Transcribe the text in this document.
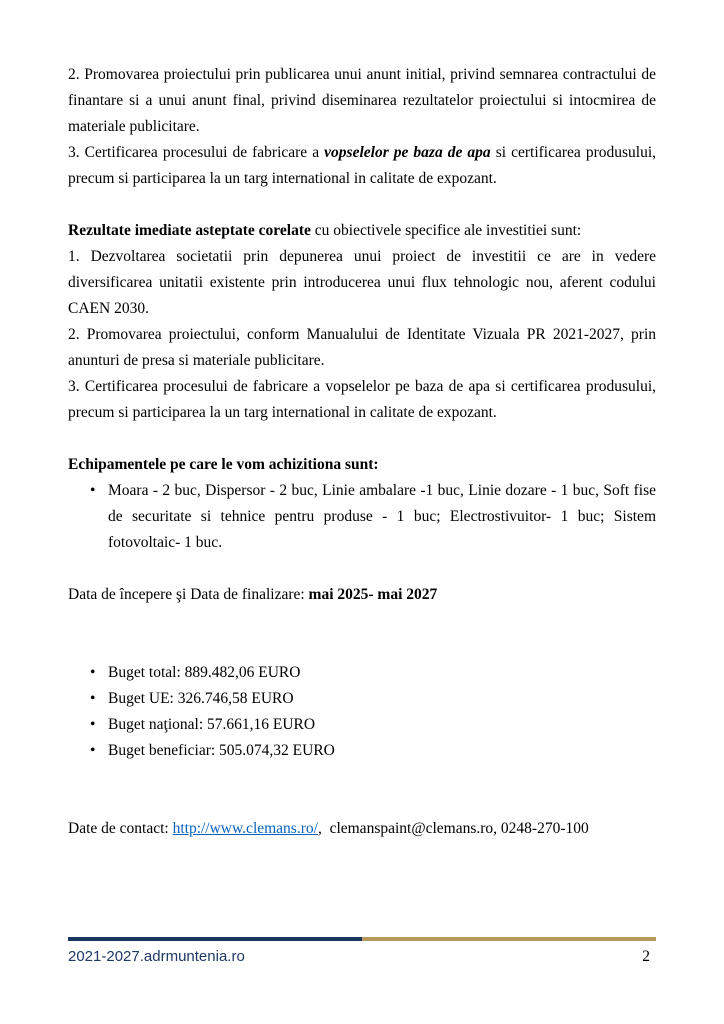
2. Promovarea proiectului prin publicarea unui anunt initial, privind semnarea contractului de finantare si a unui anunt final, privind diseminarea rezultatelor proiectului si intocmirea de materiale publicitare.

3. Certificarea procesului de fabricare a vopselelor pe baza de apa si certificarea produsului, precum si participarea la un targ international in calitate de expozant.

Rezultate imediate asteptate corelate cu obiectivele specifice ale investitiei sunt:

1. Dezvoltarea societatii prin depunerea unui proiect de investitii ce are in vedere diversificarea unitatii existente prin introducerea unui flux tehnologic nou, aferent codului CAEN 2030.

2. Promovarea proiectului, conform Manualului de Identitate Vizuala PR 2021-2027, prin anunturi de presa si materiale publicitare.

3. Certificarea procesului de fabricare a vopselelor pe baza de apa si certificarea produsului, precum si participarea la un targ international in calitate de expozant.

Echipamentele pe care le vom achizitiona sunt:

•
Moara - 2 buc, Dispersor - 2 buc, Linie ambalare -1 buc, Linie dozare - 1 buc, Soft fise de securitate si tehnice pentru produse - 1 buc; Electrostivuitor- 1 buc; Sistem fotovoltaic- 1 buc.

Data de începere şi Data de finalizare: mai 2025- mai 2027

•
Buget total: 889.482,06 EURO
•
Buget UE: 326.746,58 EURO
•
Buget naţional: 57.661,16 EURO
•
Buget beneficiar: 505.074,32 EURO

Date de contact: http://www.clemans.ro/,  clemanspaint@clemans.ro, 0248-270-100

2021-2027.adrmuntenia.ro	2
